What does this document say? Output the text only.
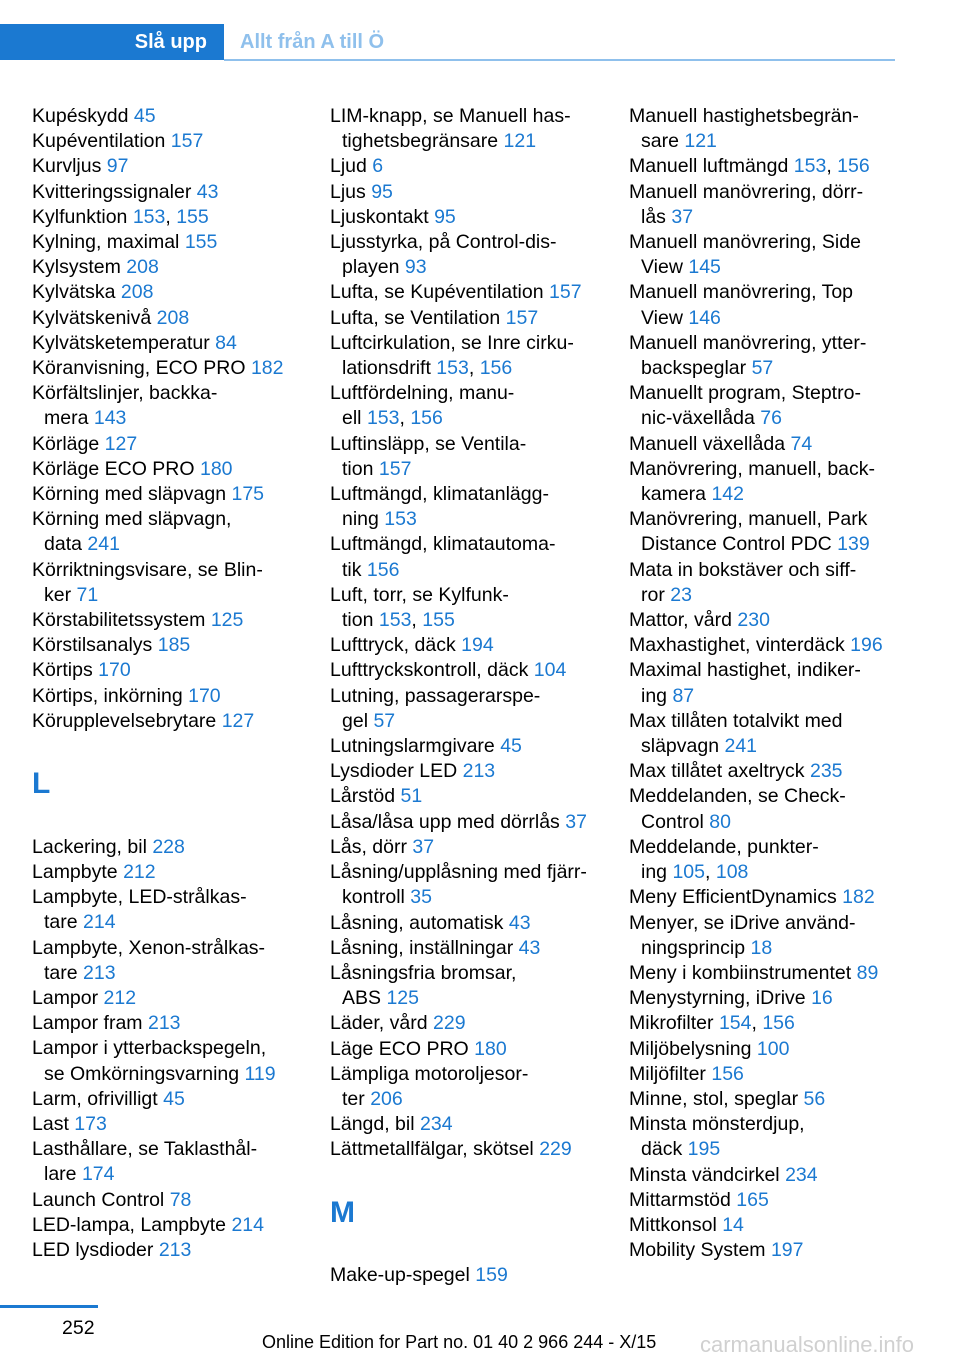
Slå upp	Allt från A till Ö
Kupéskydd 45
Kupéventilation 157
Kurvljus 97
Kvitteringssignaler 43
Kylfunktion 153, 155
Kylning, maximal 155
Kylsystem 208
Kylvätska 208
Kylvätskenivå 208
Kylvätsketemperatur 84
Köranvisning, ECO PRO 182
Körfältslinjer, backka-
mera 143
Körläge 127
Körläge ECO PRO 180
Körning med släpvagn 175
Körning med släpvagn,
data 241
Körriktningsvisare, se Blin-
ker 71
Körstabilitetssystem 125
Körstilsanalys 185
Körtips 170
Körtips, inkörning 170
Körupplevelsebrytare 127
L
Lackering, bil 228
Lampbyte 212
Lampbyte, LED-strålkas-
tare 214
Lampbyte, Xenon-strålkas-
tare 213
Lampor 212
Lampor fram 213
Lampor i ytterbackspegeln,
se Omkörningsvarning 119
Larm, ofrivilligt 45
Last 173
Lasthållare, se Taklasthål-
lare 174
Launch Control 78
LED-lampa, Lampbyte 214
LED lysdioder 213
LIM-knapp, se Manuell has-
tighetsbegränsare 121
Ljud 6
Ljus 95
Ljuskontakt 95
Ljusstyrka, på Control-dis-
playen 93
Lufta, se Kupéventilation 157
Lufta, se Ventilation 157
Luftcirkulation, se Inre cirku-
lationsdrift 153, 156
Luftfördelning, manu-
ell 153, 156
Luftinsläpp, se Ventila-
tion 157
Luftmängd, klimatanlägg-
ning 153
Luftmängd, klimatautoma-
tik 156
Luft, torr, se Kylfunk-
tion 153, 155
Lufttryck, däck 194
Lufttryckskontroll, däck 104
Lutning, passagerarspe-
gel 57
Lutningslarmgivare 45
Lysdioder LED 213
Lårstöd 51
Låsa/låsa upp med dörrlås 37
Lås, dörr 37
Låsning/upplåsning med fjärr-
kontroll 35
Låsning, automatisk 43
Låsning, inställningar 43
Låsningsfria bromsar,
ABS 125
Läder, vård 229
Läge ECO PRO 180
Lämpliga motoroljesor-
ter 206
Längd, bil 234
Lättmetallfälgar, skötsel 229
M
Make-up-spegel 159
Manuell hastighetsbegrän-
sare 121
Manuell luftmängd 153, 156
Manuell manövrering, dörr-
lås 37
Manuell manövrering, Side
View 145
Manuell manövrering, Top
View 146
Manuell manövrering, ytter-
backspeglar 57
Manuellt program, Steptro-
nic-växellåda 76
Manuell växellåda 74
Manövrering, manuell, back-
kamera 142
Manövrering, manuell, Park
Distance Control PDC 139
Mata in bokstäver och siff-
ror 23
Mattor, vård 230
Maxhastighet, vinterdäck 196
Maximal hastighet, indiker-
ing 87
Max tillåten totalvikt med
släpvagn 241
Max tillåtet axeltryck 235
Meddelanden, se Check-
Control 80
Meddelande, punkter-
ing 105, 108
Meny EfficientDynamics 182
Menyer, se iDrive använd-
ningsprincip 18
Meny i kombiinstrumentet 89
Menystyrning, iDrive 16
Mikrofilter 154, 156
Miljöbelysning 100
Miljöfilter 156
Minne, stol, speglar 56
Minsta mönsterdjup,
däck 195
Minsta vändcirkel 234
Mittarmstöd 165
Mittkonsol 14
Mobility System 197
252
carmanualsonline.info
Online Edition for Part no. 01 40 2 966 244 - X/15
